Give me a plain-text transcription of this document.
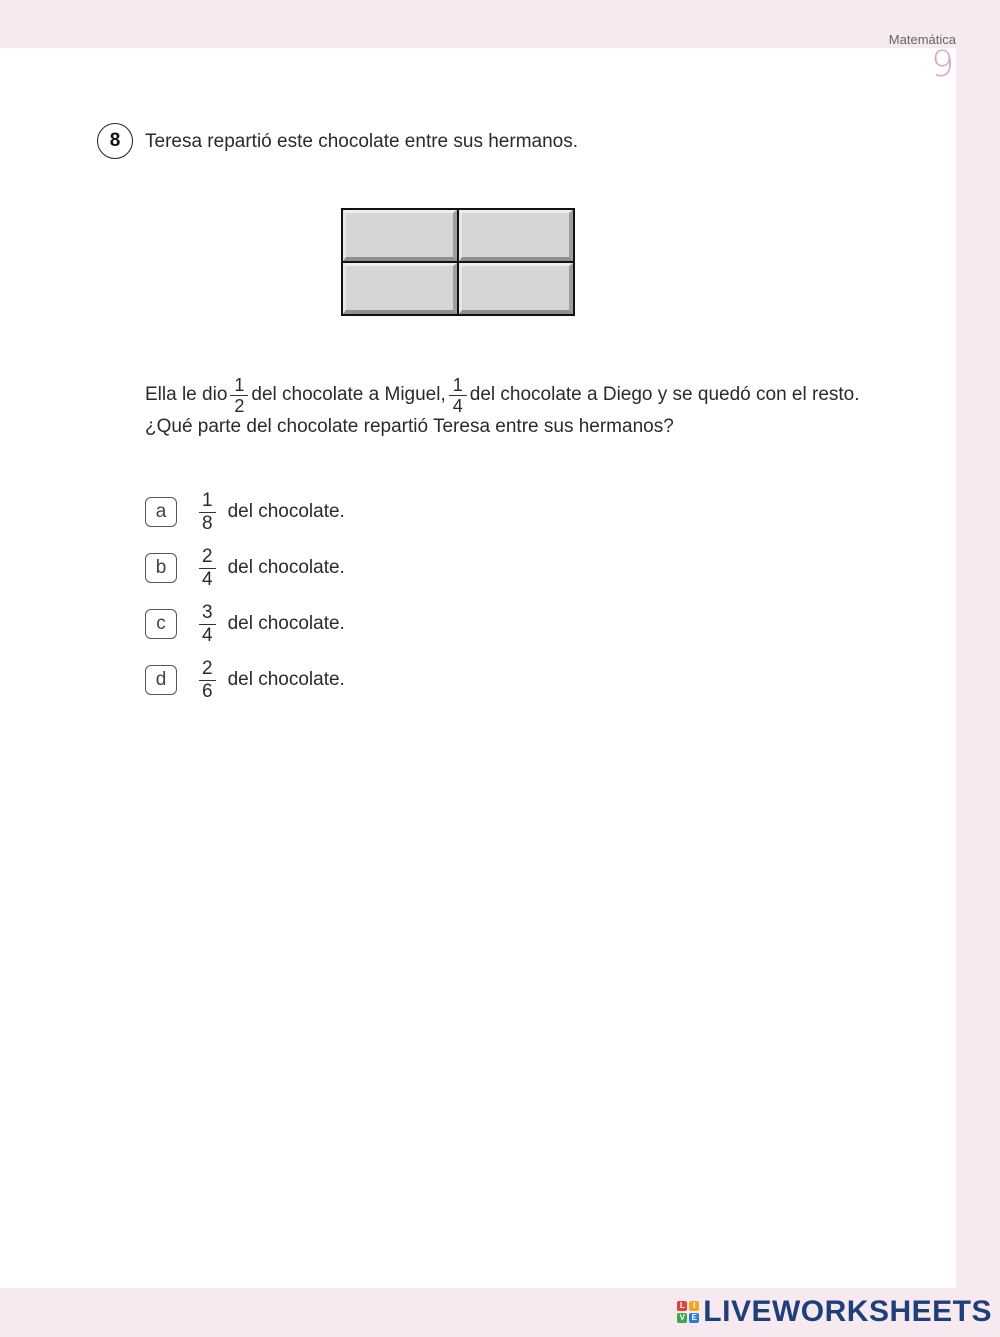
Matemática
9
8	Teresa repartió este chocolate entre sus hermanos.
Ella le dio $\frac{1}{2}$ del chocolate a Miguel, $\frac{1}{4}$ del chocolate a Diego y se quedó con el resto.
¿Qué parte del chocolate repartió Teresa entre sus hermanos?
a	$\frac{1}{8}$ del chocolate.
b	$\frac{2}{4}$ del chocolate.
c	$\frac{3}{4}$ del chocolate.
d	$\frac{2}{6}$ del chocolate.
L	I
V E LIVEWORKSHEETS
